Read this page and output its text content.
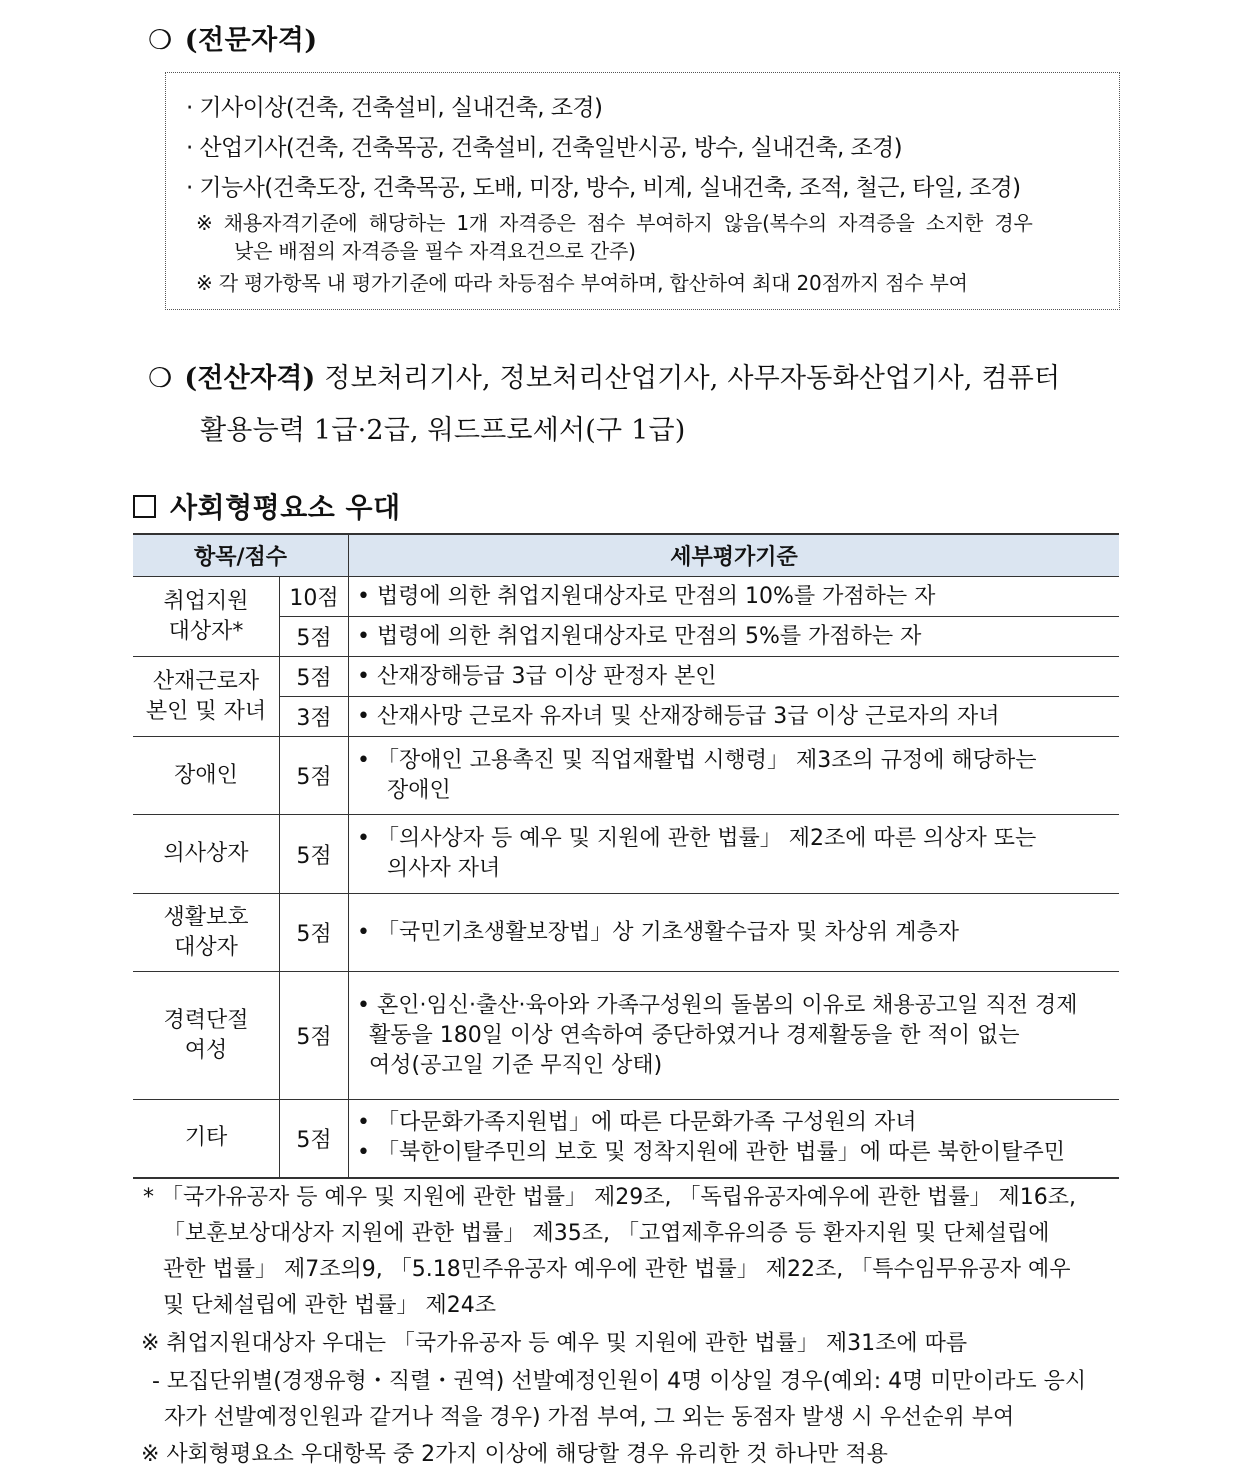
❍ (전문자격)
· 기사이상(건축, 건축설비, 실내건축, 조경)
· 산업기사(건축, 건축목공, 건축설비, 건축일반시공, 방수, 실내건축, 조경)
· 기능사(건축도장, 건축목공, 도배, 미장, 방수, 비계, 실내건축, 조적, 철근, 타일, 조경)
※ 채용자격기준에 해당하는 1개 자격증은 점수 부여하지 않음(복수의 자격증을 소지한 경우
낮은 배점의 자격증을 필수 자격요건으로 간주)
※ 각 평가항목 내 평가기준에 따라 차등점수 부여하며, 합산하여 최대 20점까지 점수 부여
❍ (전산자격) 정보처리기사, 정보처리산업기사, 사무자동화산업기사, 컴퓨터
활용능력 1급·2급, 워드프로세서(구 1급)
사회형평요소 우대
항목/점수		세부평가기준

취업지원
대상자*	10점	• 법령에 의한 취업지원대상자로 만점의 10%를 가점하는 자

	5점	• 법령에 의한 취업지원대상자로 만점의 5%를 가점하는 자

산재근로자
본인 및 자녀	5점	• 산재장해등급 3급 이상 판정자 본인

	3점	• 산재사망 근로자 유자녀 및 산재장해등급 3급 이상 근로자의 자녀

장애인	5점	• 「장애인 고용촉진 및 직업재활법 시행령」 제3조의 규정에 해당하는
장애인

의사상자	5점	• 「의사상자 등 예우 및 지원에 관한 법률」 제2조에 따른 의상자 또는
의사자 자녀

생활보호
대상자	5점	• 「국민기초생활보장법」상 기초생활수급자 및 차상위 계층자

경력단절
여성	5점	• 혼인·임신·출산·육아와 가족구성원의 돌봄의 이유로 채용공고일 직전 경제
활동을 180일 이상 연속하여 중단하였거나 경제활동을 한 적이 없는
여성(공고일 기준 무직인 상태)

기타	5점	• 「다문화가족지원법」에 따른 다문화가족 구성원의 자녀
• 「북한이탈주민의 보호 및 정착지원에 관한 법률」에 따른 북한이탈주민
* 「국가유공자 등 예우 및 지원에 관한 법률」 제29조, 「독립유공자예우에 관한 법률」 제16조,
「보훈보상대상자 지원에 관한 법률」 제35조, 「고엽제후유의증 등 환자지원 및 단체설립에
관한 법률」 제7조의9, 「5.18민주유공자 예우에 관한 법률」 제22조, 「특수임무유공자 예우
및 단체설립에 관한 법률」 제24조
※ 취업지원대상자 우대는 「국가유공자 등 예우 및 지원에 관한 법률」 제31조에 따름
- 모집단위별(경쟁유형・직렬・권역) 선발예정인원이 4명 이상일 경우(예외: 4명 미만이라도 응시
자가 선발예정인원과 같거나 적을 경우) 가점 부여, 그 외는 동점자 발생 시 우선순위 부여
※ 사회형평요소 우대항목 중 2가지 이상에 해당할 경우 유리한 것 하나만 적용
